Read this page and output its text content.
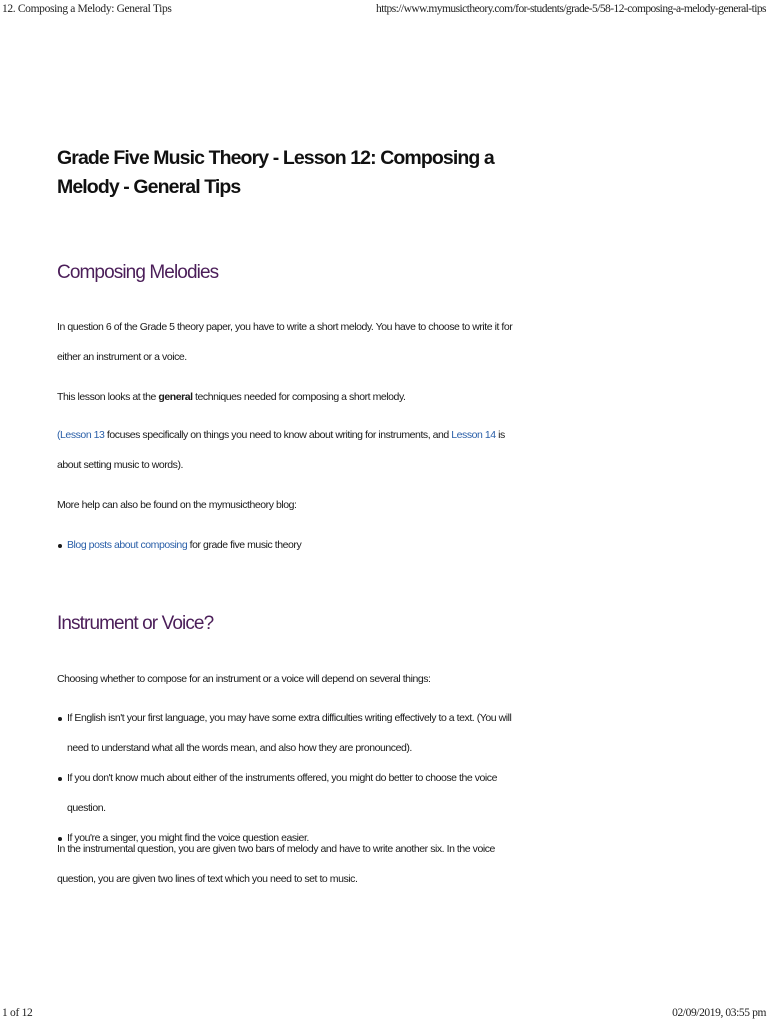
12. Composing a Melody: General Tips	https://www.mymusictheory.com/for-students/grade-5/58-12-composing-a-melody-general-tips
Grade Five Music Theory - Lesson 12: Composing a Melody - General Tips
Composing Melodies

In question 6 of the Grade 5 theory paper, you have to write a short melody. You have to choose to write it for either an instrument or a voice.

This lesson looks at the general techniques needed for composing a short melody.

(Lesson 13 focuses specifically on things you need to know about writing for instruments, and Lesson 14 is about setting music to words).

More help can also be found on the mymusictheory blog:

Blog posts about composing for grade five music theory
Instrument or Voice?

Choosing whether to compose for an instrument or a voice will depend on several things:

If English isn't your first language, you may have some extra difficulties writing effectively to a text. (You will need to understand what all the words mean, and also how they are pronounced).
If you don't know much about either of the instruments offered, you might do better to choose the voice question.
If you're a singer, you might find the voice question easier.

In the instrumental question, you are given two bars of melody and have to write another six. In the voice question, you are given two lines of text which you need to set to music.

1 of 12	02/09/2019, 03:55 pm
